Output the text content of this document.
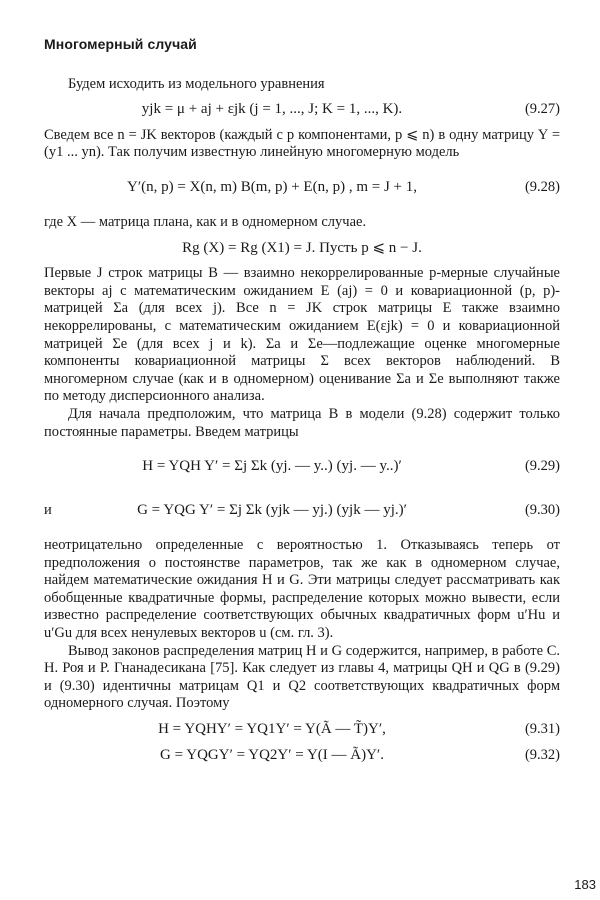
Многомерный случай

Будем исходить из модельного уравнения

yjk = μ + aj + εjk (j = 1, ..., J; K = 1, ..., K).	(9.27)

Сведем все n = JK векторов (каждый с p компонентами, p ⩽ n) в одну матрицу Y = (y1 ... yn). Так получим известную линейную многомерную модель

Y′(n, p) = X(n, m) B(m, p) + E(n, p) , m = J + 1,	(9.28)

где X — матрица плана, как и в одномерном случае.

Rg (X) = Rg (X1) = J. Пусть p ⩽ n − J.

Первые J строк матрицы B — взаимно некоррелированные p-мерные случайные векторы aj с математическим ожиданием E (aj) = 0 и ковариационной (p, p)-матрицей Σa (для всех j). Все n = JK строк матрицы E также взаимно некоррелированы, с математическим ожиданием E(εjk) = 0 и ковариационной матрицей Σe (для всех j и k). Σa и Σe—подлежащие оценке многомерные компоненты ковариационной матрицы Σ всех векторов наблюдений. В многомерном случае (как и в одномерном) оценивание Σa и Σe выполняют также по методу дисперсионного анализа.

Для начала предположим, что матрица B в модели (9.28) содержит только постоянные параметры. Введем матрицы

H = YQH Y′ = Σj Σk (yj. — y..) (yj. — y..)′	(9.29)
и	G = YQG Y′ = Σj Σk (yjk — yj.) (yjk — yj.)′	(9.30)

неотрицательно определенные с вероятностью 1. Отказываясь теперь от предположения о постоянстве параметров, так же как в одномерном случае, найдем математические ожидания H и G. Эти матрицы следует рассматривать как обобщенные квадратичные формы, распределение которых можно вывести, если известно распределение соответствующих обычных квадратичных форм u′Hu и u′Gu для всех ненулевых векторов u (см. гл. 3).

Вывод законов распределения матриц H и G содержится, например, в работе С. Н. Роя и Р. Гнанадесикана [75]. Как следует из главы 4, матрицы QH и QG в (9.29) и (9.30) идентичны матрицам Q1 и Q2 соответствующих квадратичных форм одномерного случая. Поэтому

H = YQHY′ = YQ1Y′ = Y(Ã — T̃)Y′,	(9.31)
G = YQGY′ = YQ2Y′ = Y(I — Ã)Y′.	(9.32)
183
